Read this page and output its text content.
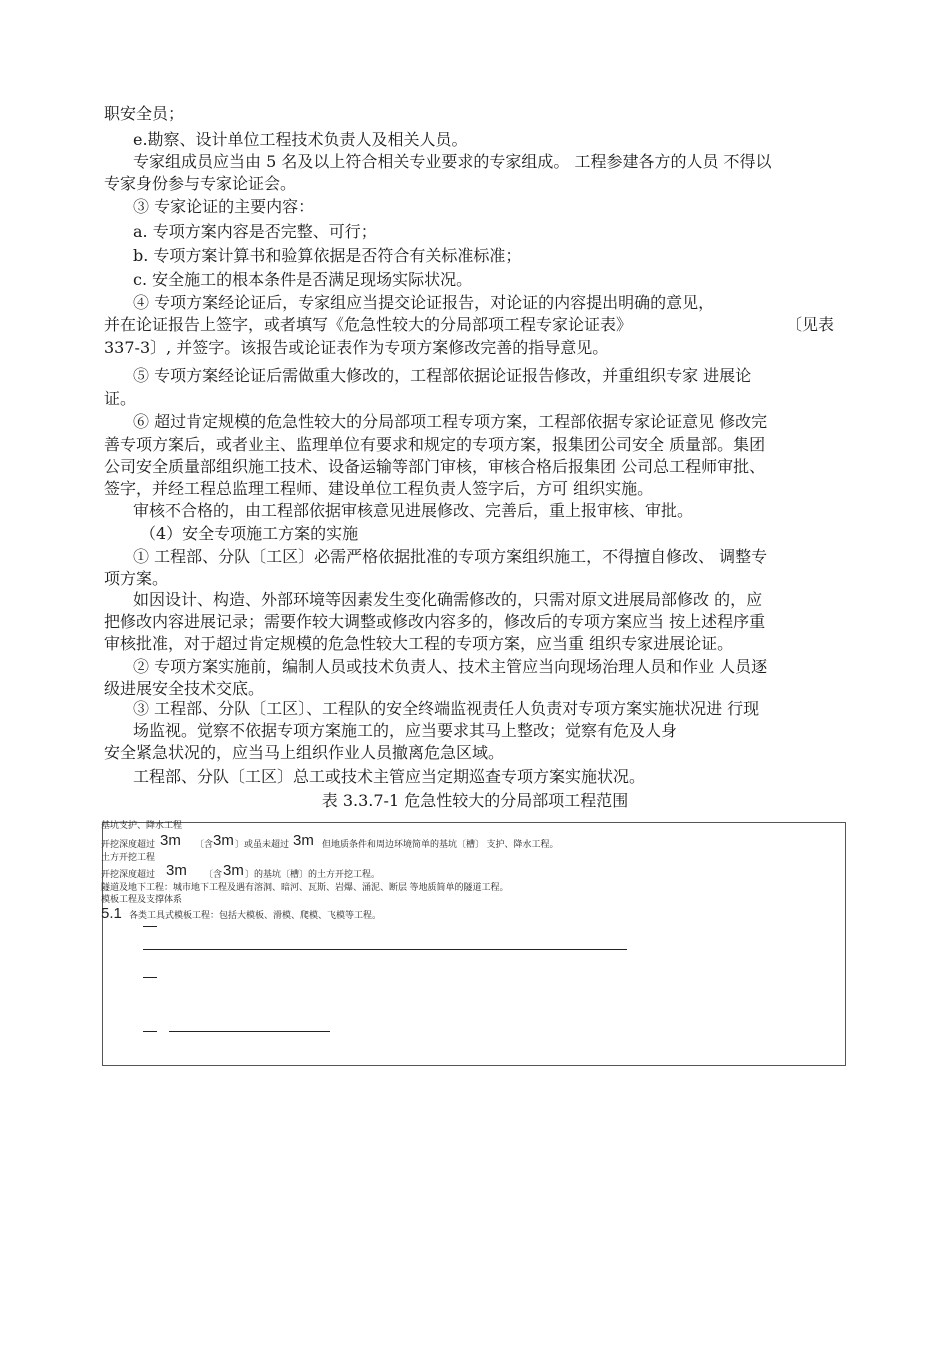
职安全员；
e.勘察、设计单位工程技术负责人及相关人员。
专家组成员应当由 5 名及以上符合相关专业要求的专家组成。 工程参建各方的人员 不得以
专家身份参与专家论证会。
③ 专家论证的主要内容：
a. 专项方案内容是否完整、可行；
b. 专项方案计算书和验算依据是否符合有关标准标准；
c. 安全施工的根本条件是否满足现场实际状况。
④ 专项方案经论证后，专家组应当提交论证报告，对论证的内容提出明确的意见，
并在论证报告上签字，或者填写《危急性较大的分局部项工程专家论证表》	〔见表
337-3〕, 并签字。该报告或论证表作为专项方案修改完善的指导意见。
⑤ 专项方案经论证后需做重大修改的，工程部依据论证报告修改，并重组织专家 进展论
证。
⑥ 超过肯定规模的危急性较大的分局部项工程专项方案，工程部依据专家论证意见 修改完
善专项方案后，或者业主、监理单位有要求和规定的专项方案，报集团公司安全 质量部。集团
公司安全质量部组织施工技术、设备运输等部门审核，审核合格后报集团 公司总工程师审批、
签字，并经工程总监理工程师、建设单位工程负责人签字后，方可 组织实施。
审核不合格的，由工程部依据审核意见进展修改、完善后，重上报审核、审批。
（4）安全专项施工方案的实施
① 工程部、分队〔工区〕必需严格依据批准的专项方案组织施工，不得擅自修改、 调整专
项方案。
如因设计、构造、外部环境等因素发生变化确需修改的，只需对原文进展局部修改 的，应
把修改内容进展记录；需要作较大调整或修改内容多的，修改后的专项方案应当 按上述程序重
审核批准，对于超过肯定规模的危急性较大工程的专项方案，应当重 组织专家进展论证。
② 专项方案实施前，编制人员或技术负责人、技术主管应当向现场治理人员和作业 人员逐
级进展安全技术交底。
③ 工程部、分队〔工区〕、工程队的安全终端监视责任人负责对专项方案实施状况进 行现
场监视。觉察不依据专项方案施工的，应当要求其马上整改；觉察有危及人身
安全紧急状况的，应当马上组织作业人员撤离危急区域。
工程部、分队〔工区〕总工或技术主管应当定期巡查专项方案实施状况。
表 3.3.7-1 危急性较大的分局部项工程范围
基坑支护、降水工程
开挖深度超过 3m 〔含 3m 〕或虽未超过 3m 但地质条件和周边环境简单的基坑〔槽〕 支护、降水工程。
土方开挖工程
开挖深度超过 3m 〔含 3m 〕的基坑〔槽〕的土方开挖工程。
隧道及地下工程：城市地下工程及遇有溶洞、暗河、瓦斯、岩爆、涌泥、断层 等地质简单的隧道工程。
模板工程及支撑体系
5.1 各类工具式模板工程：包括大模板、滑模、爬模、飞模等工程。
